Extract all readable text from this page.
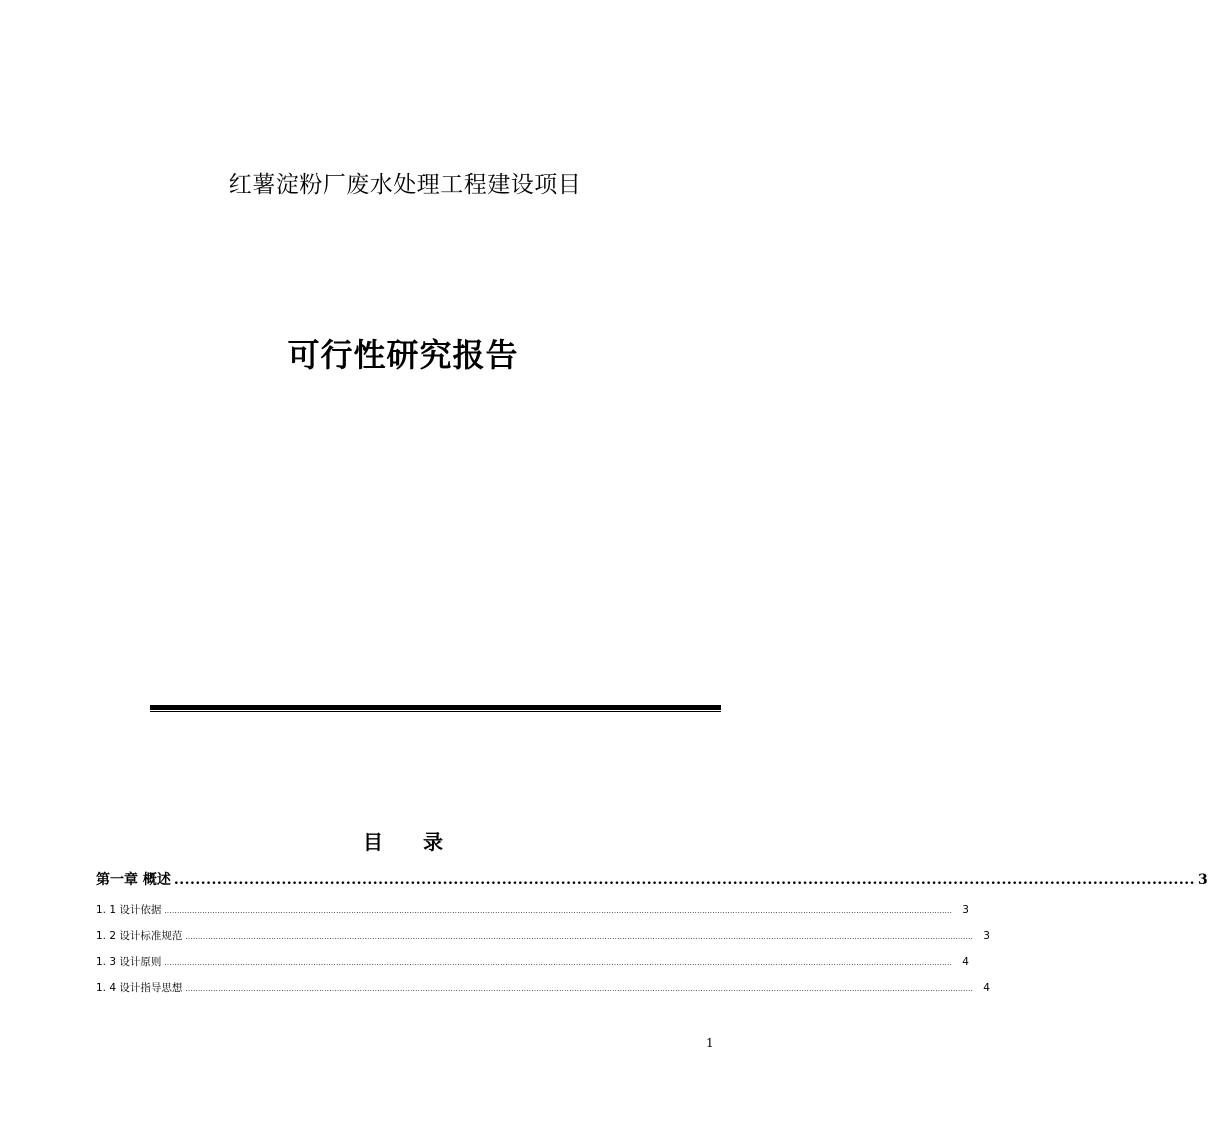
红薯淀粉厂废水处理工程建设项目
可行性研究报告
目 录
第一章 概述 .............................................................................................................................................................................................. 3
1. 1 设计依据 ........................................................................................................................................................................................................................................................................................................................ 3
1. 2 设计标准规范 ........................................................................................................................................................................................................................................................................................................................ 3
1. 3 设计原则 ........................................................................................................................................................................................................................................................................................................................ 4
1. 4 设计指导思想 ........................................................................................................................................................................................................................................................................................................................ 4
1
